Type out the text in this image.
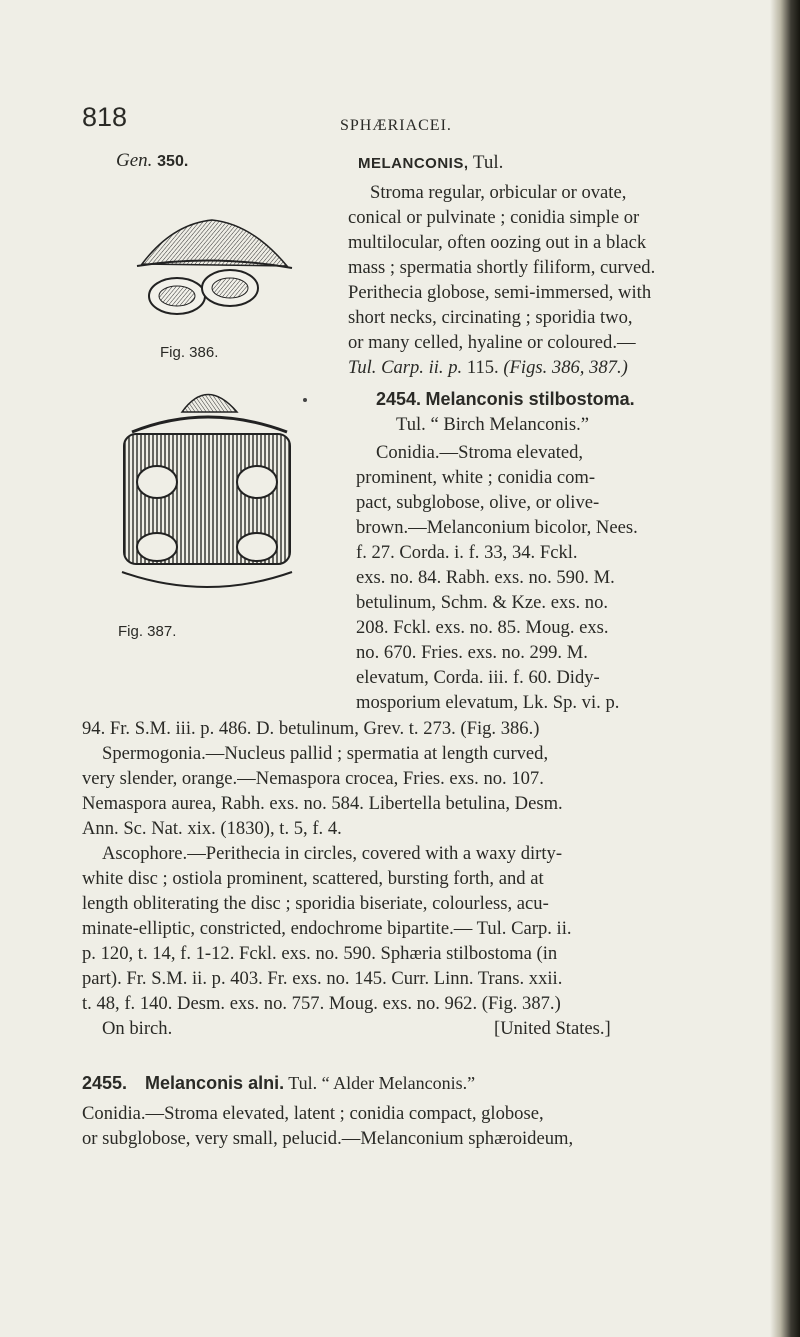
818	SPHÆRIACEI.
Gen. 350.	MELANCONIS, Tul.
Fig. 386.
Fig. 387.
Stroma regular, orbicular or ovate,
conical or pulvinate ; conidia simple or
multilocular, often oozing out in a black
mass ; spermatia shortly filiform, curved.
Perithecia globose, semi-immersed, with
short necks, circinating ; sporidia two,
or many celled, hyaline or coloured.—
Tul. Carp. ii. p. 115. (Figs. 386, 387.)
2454. Melanconis stilbostoma.
Tul. “ Birch Melanconis.”
Conidia.—Stroma elevated,
prominent, white ; conidia com-
pact, subglobose, olive, or olive-
brown.—Melanconium bicolor, Nees.
f. 27. Corda. i. f. 33, 34. Fckl.
exs. no. 84. Rabh. exs. no. 590. M.
betulinum, Schm. & Kze. exs. no.
208. Fckl. exs. no. 85. Moug. exs.
no. 670. Fries. exs. no. 299. M.
elevatum, Corda. iii. f. 60. Didy-
mosporium elevatum, Lk. Sp. vi. p.
94. Fr. S.M. iii. p. 486. D. betulinum, Grev. t. 273. (Fig. 386.)
Spermogonia.—Nucleus pallid ; spermatia at length curved,
very slender, orange.—Nemaspora crocea, Fries. exs. no. 107.
Nemaspora aurea, Rabh. exs. no. 584. Libertella betulina, Desm.
Ann. Sc. Nat. xix. (1830), t. 5, f. 4.
Ascophore.—Perithecia in circles, covered with a waxy dirty-
white disc ; ostiola prominent, scattered, bursting forth, and at
length obliterating the disc ; sporidia biseriate, colourless, acu-
minate-elliptic, constricted, endochrome bipartite.— Tul. Carp. ii.
p. 120, t. 14, f. 1-12. Fckl. exs. no. 590. Sphæria stilbostoma (in
part). Fr. S.M. ii. p. 403. Fr. exs. no. 145. Curr. Linn. Trans. xxii.
t. 48, f. 140. Desm. exs. no. 757. Moug. exs. no. 962. (Fig. 387.)
On birch.	[United States.]
2455. Melanconis alni. Tul. “ Alder Melanconis.”
Conidia.—Stroma elevated, latent ; conidia compact, globose,
or subglobose, very small, pelucid.—Melanconium sphæroideum,
